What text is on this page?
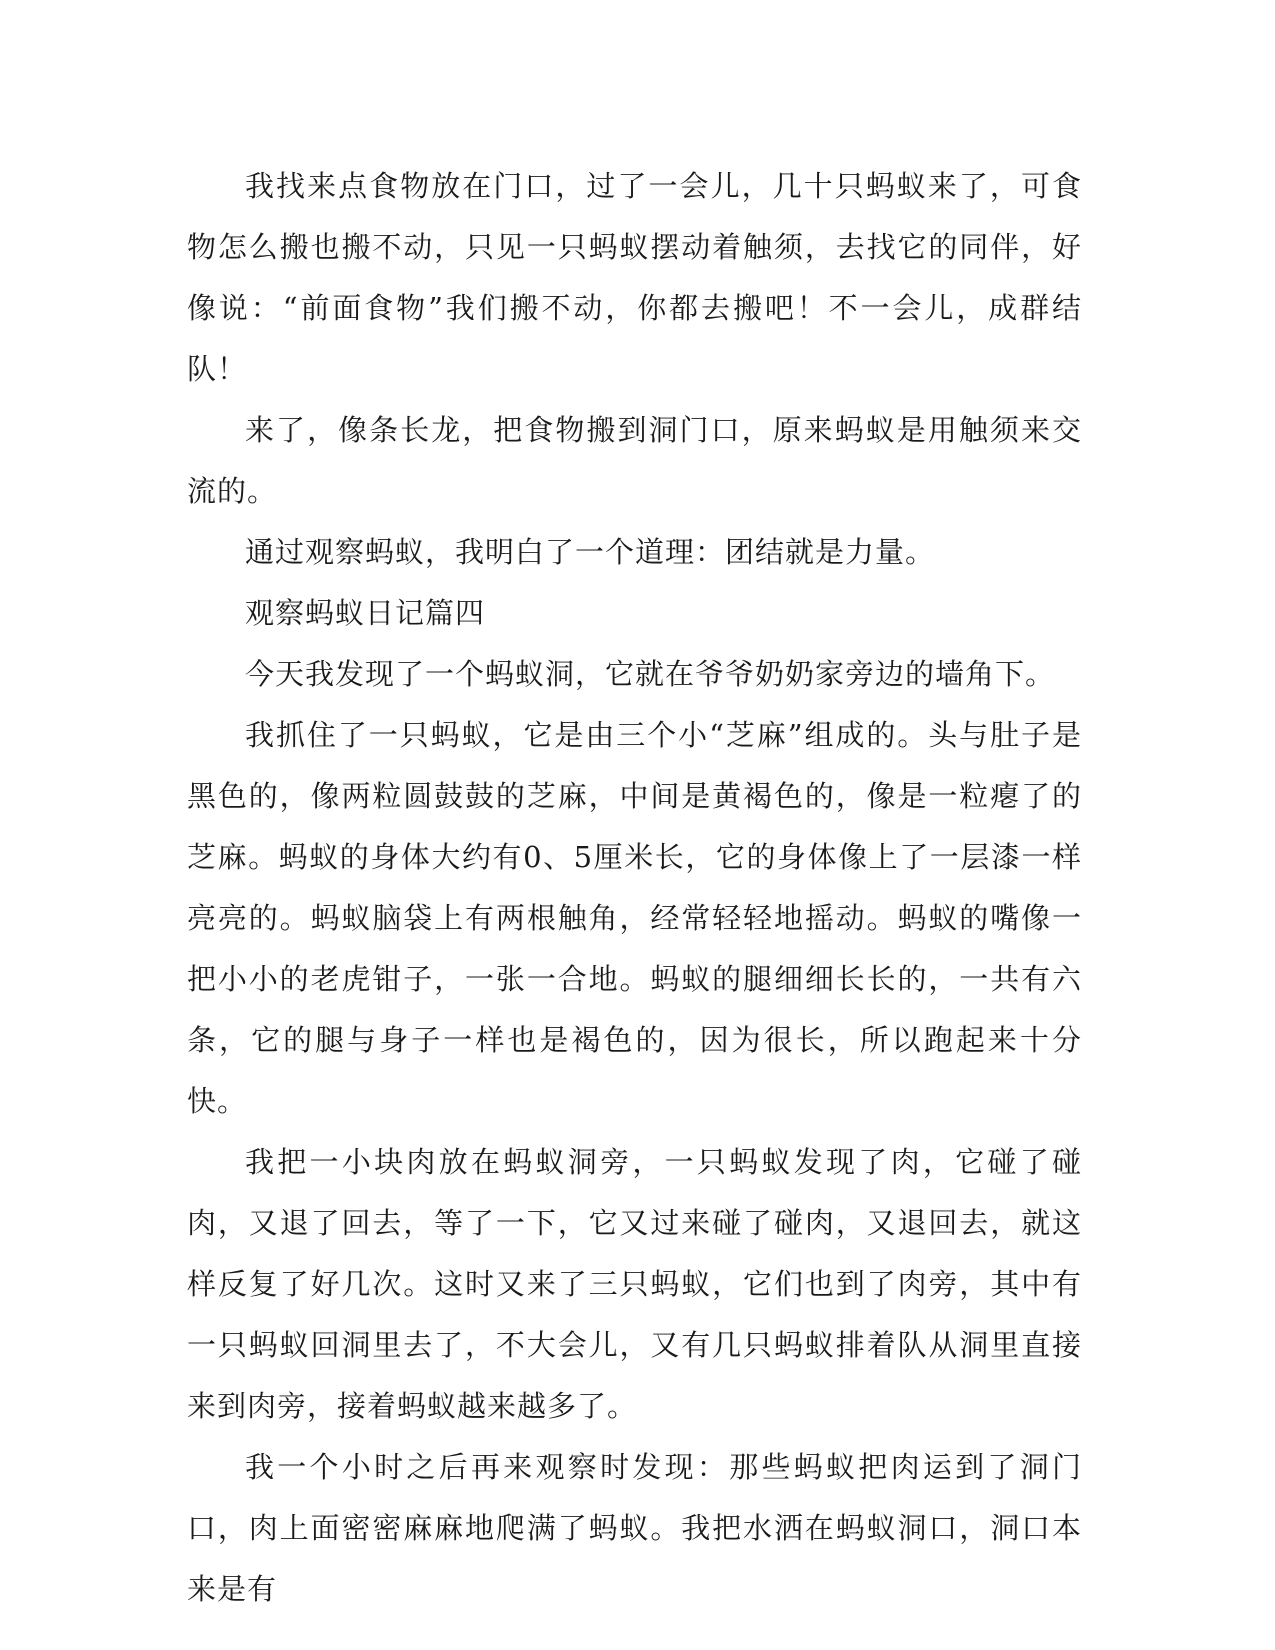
我找来点食物放在门口，过了一会儿，几十只蚂蚁来了，可食物怎么搬也搬不动，只见一只蚂蚁摆动着触须，去找它的同伴，好像说：“前面食物”我们搬不动，你都去搬吧！不一会儿，成群结队！

来了，像条长龙，把食物搬到洞门口，原来蚂蚁是用触须来交流的。

通过观察蚂蚁，我明白了一个道理：团结就是力量。

观察蚂蚁日记篇四

今天我发现了一个蚂蚁洞，它就在爷爷奶奶家旁边的墙角下。

我抓住了一只蚂蚁，它是由三个小“芝麻”组成的。头与肚子是黑色的，像两粒圆鼓鼓的芝麻，中间是黄褐色的，像是一粒瘪了的芝麻。蚂蚁的身体大约有0、5厘米长，它的身体像上了一层漆一样亮亮的。蚂蚁脑袋上有两根触角，经常轻轻地摇动。蚂蚁的嘴像一把小小的老虎钳子，一张一合地。蚂蚁的腿细细长长的，一共有六条，它的腿与身子一样也是褐色的，因为很长，所以跑起来十分快。

我把一小块肉放在蚂蚁洞旁，一只蚂蚁发现了肉，它碰了碰肉，又退了回去，等了一下，它又过来碰了碰肉，又退回去，就这样反复了好几次。这时又来了三只蚂蚁，它们也到了肉旁，其中有一只蚂蚁回洞里去了，不大会儿，又有几只蚂蚁排着队从洞里直接来到肉旁，接着蚂蚁越来越多了。

我一个小时之后再来观察时发现：那些蚂蚁把肉运到了洞门口，肉上面密密麻麻地爬满了蚂蚁。我把水洒在蚂蚁洞口，洞口本来是有
